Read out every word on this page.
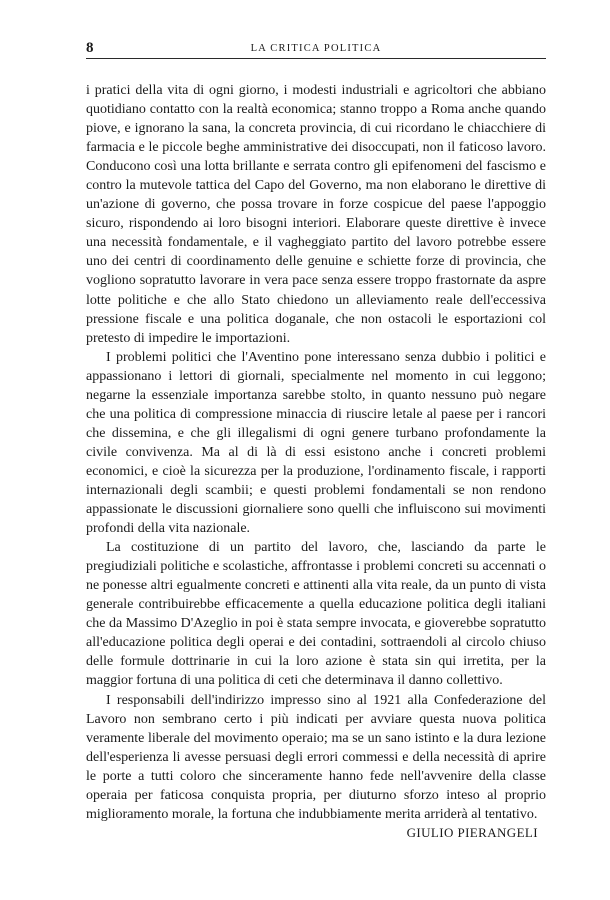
8	LA CRITICA POLITICA

i pratici della vita di ogni giorno, i modesti industriali e agricoltori che abbiano quotidiano contatto con la realtà economica; stanno troppo a Roma anche quando piove, e ignorano la sana, la concreta provincia, di cui ricordano le chiacchiere di farmacia e le piccole beghe amministrative dei disoccupati, non il faticoso lavoro. Conducono così una lotta brillante e serrata contro gli epifenomeni del fascismo e contro la mutevole tattica del Capo del Governo, ma non elaborano le direttive di un'azione di governo, che possa trovare in forze cospicue del paese l'appoggio sicuro, rispondendo ai loro bisogni interiori. Elaborare queste direttive è invece una necessità fondamentale, e il vagheggiato partito del lavoro potrebbe essere uno dei centri di coordinamento delle genuine e schiette forze di provincia, che vogliono sopratutto lavorare in vera pace senza essere troppo frastornate da aspre lotte politiche e che allo Stato chiedono un alleviamento reale dell'eccessiva pressione fiscale e una politica doganale, che non ostacoli le esportazioni col pretesto di impedire le importazioni.

I problemi politici che l'Aventino pone interessano senza dubbio i politici e appassionano i lettori di giornali, specialmente nel momento in cui leggono; negarne la essenziale importanza sarebbe stolto, in quanto nessuno può negare che una politica di compressione minaccia di riuscire letale al paese per i rancori che dissemina, e che gli illegalismi di ogni genere turbano profondamente la civile convivenza. Ma al di là di essi esistono anche i concreti problemi economici, e cioè la sicurezza per la produzione, l'ordinamento fiscale, i rapporti internazionali degli scambii; e questi problemi fondamentali se non rendono appassionate le discussioni giornaliere sono quelli che influiscono sui movimenti profondi della vita nazionale.

La costituzione di un partito del lavoro, che, lasciando da parte le pregiudiziali politiche e scolastiche, affrontasse i problemi concreti su accennati o ne ponesse altri egualmente concreti e attinenti alla vita reale, da un punto di vista generale contribuirebbe efficacemente a quella educazione politica degli italiani che da Massimo D'Azeglio in poi è stata sempre invocata, e gioverebbe sopratutto all'educazione politica degli operai e dei contadini, sottraendoli al circolo chiuso delle formule dottrinarie in cui la loro azione è stata sin qui irretita, per la maggior fortuna di una politica di ceti che determinava il danno collettivo.

I responsabili dell'indirizzo impresso sino al 1921 alla Confederazione del Lavoro non sembrano certo i più indicati per avviare questa nuova politica veramente liberale del movimento operaio; ma se un sano istinto e la dura lezione dell'esperienza li avesse persuasi degli errori commessi e della necessità di aprire le porte a tutti coloro che sinceramente hanno fede nell'avvenire della classe operaia per faticosa conquista propria, per diuturno sforzo inteso al proprio miglioramento morale, la fortuna che indubbiamente merita arriderà al tentativo.

GIULIO PIERANGELI
